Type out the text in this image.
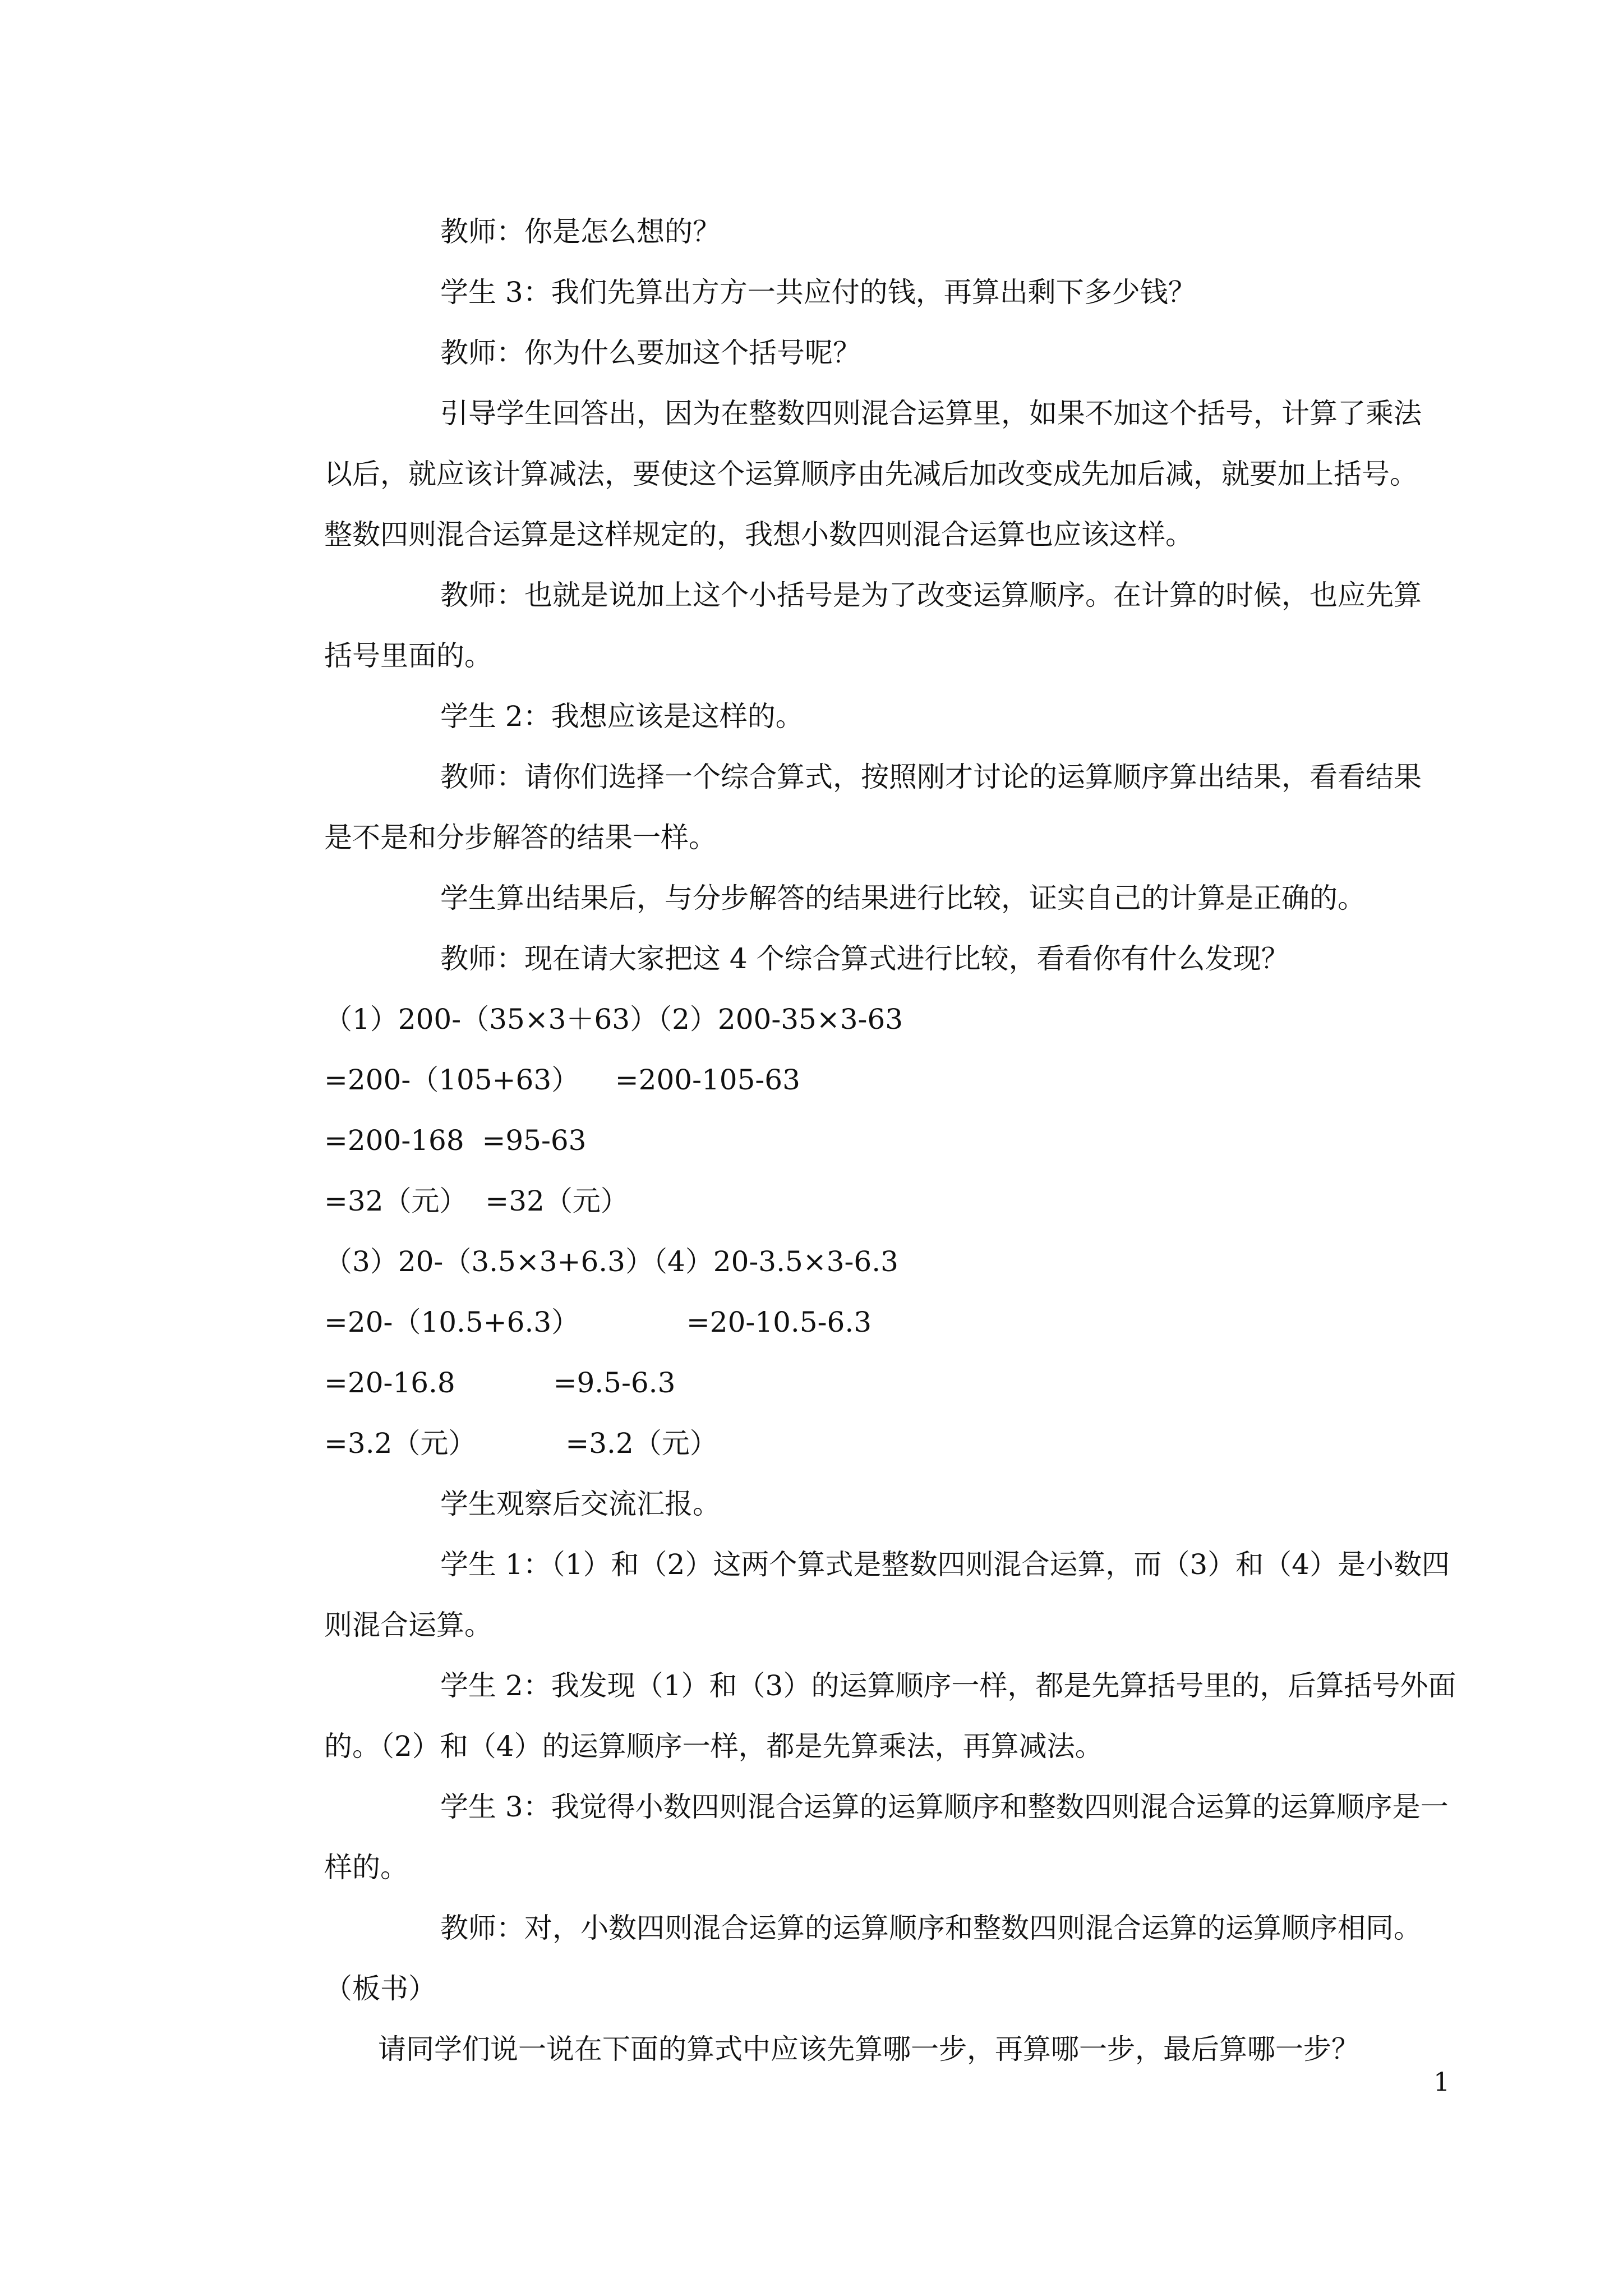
教师：你是怎么想的？
学生 3：我们先算出方方一共应付的钱，再算出剩下多少钱？
教师：你为什么要加这个括号呢？
引导学生回答出，因为在整数四则混合运算里，如果不加这个括号，计算了乘法
以后，就应该计算减法，要使这个运算顺序由先减后加改变成先加后减，就要加上括号。
整数四则混合运算是这样规定的，我想小数四则混合运算也应该这样。
教师：也就是说加上这个小括号是为了改变运算顺序。在计算的时候，也应先算
括号里面的。
学生 2：我想应该是这样的。
教师：请你们选择一个综合算式，按照刚才讨论的运算顺序算出结果，看看结果
是不是和分步解答的结果一样。
学生算出结果后，与分步解答的结果进行比较，证实自己的计算是正确的。
教师：现在请大家把这 4 个综合算式进行比较，看看你有什么发现？
（1）200-（35×3＋63）（2）200-35×3-63
=200-（105+63）    =200-105-63
=200-168  =95-63
=32（元）  =32（元）
（3）20-（3.5×3+6.3）（4）20-3.5×3-6.3
=20-（10.5+6.3）            =20-10.5-6.3
=20-16.8           =9.5-6.3
=3.2（元）          =3.2（元）
学生观察后交流汇报。
学生 1：（1）和（2）这两个算式是整数四则混合运算，而（3）和（4）是小数四
则混合运算。
学生 2：我发现（1）和（3）的运算顺序一样，都是先算括号里的，后算括号外面
的。（2）和（4）的运算顺序一样，都是先算乘法，再算减法。
学生 3：我觉得小数四则混合运算的运算顺序和整数四则混合运算的运算顺序是一
样的。
教师：对，小数四则混合运算的运算顺序和整数四则混合运算的运算顺序相同。
（板书）
请同学们说一说在下面的算式中应该先算哪一步，再算哪一步，最后算哪一步？
1
